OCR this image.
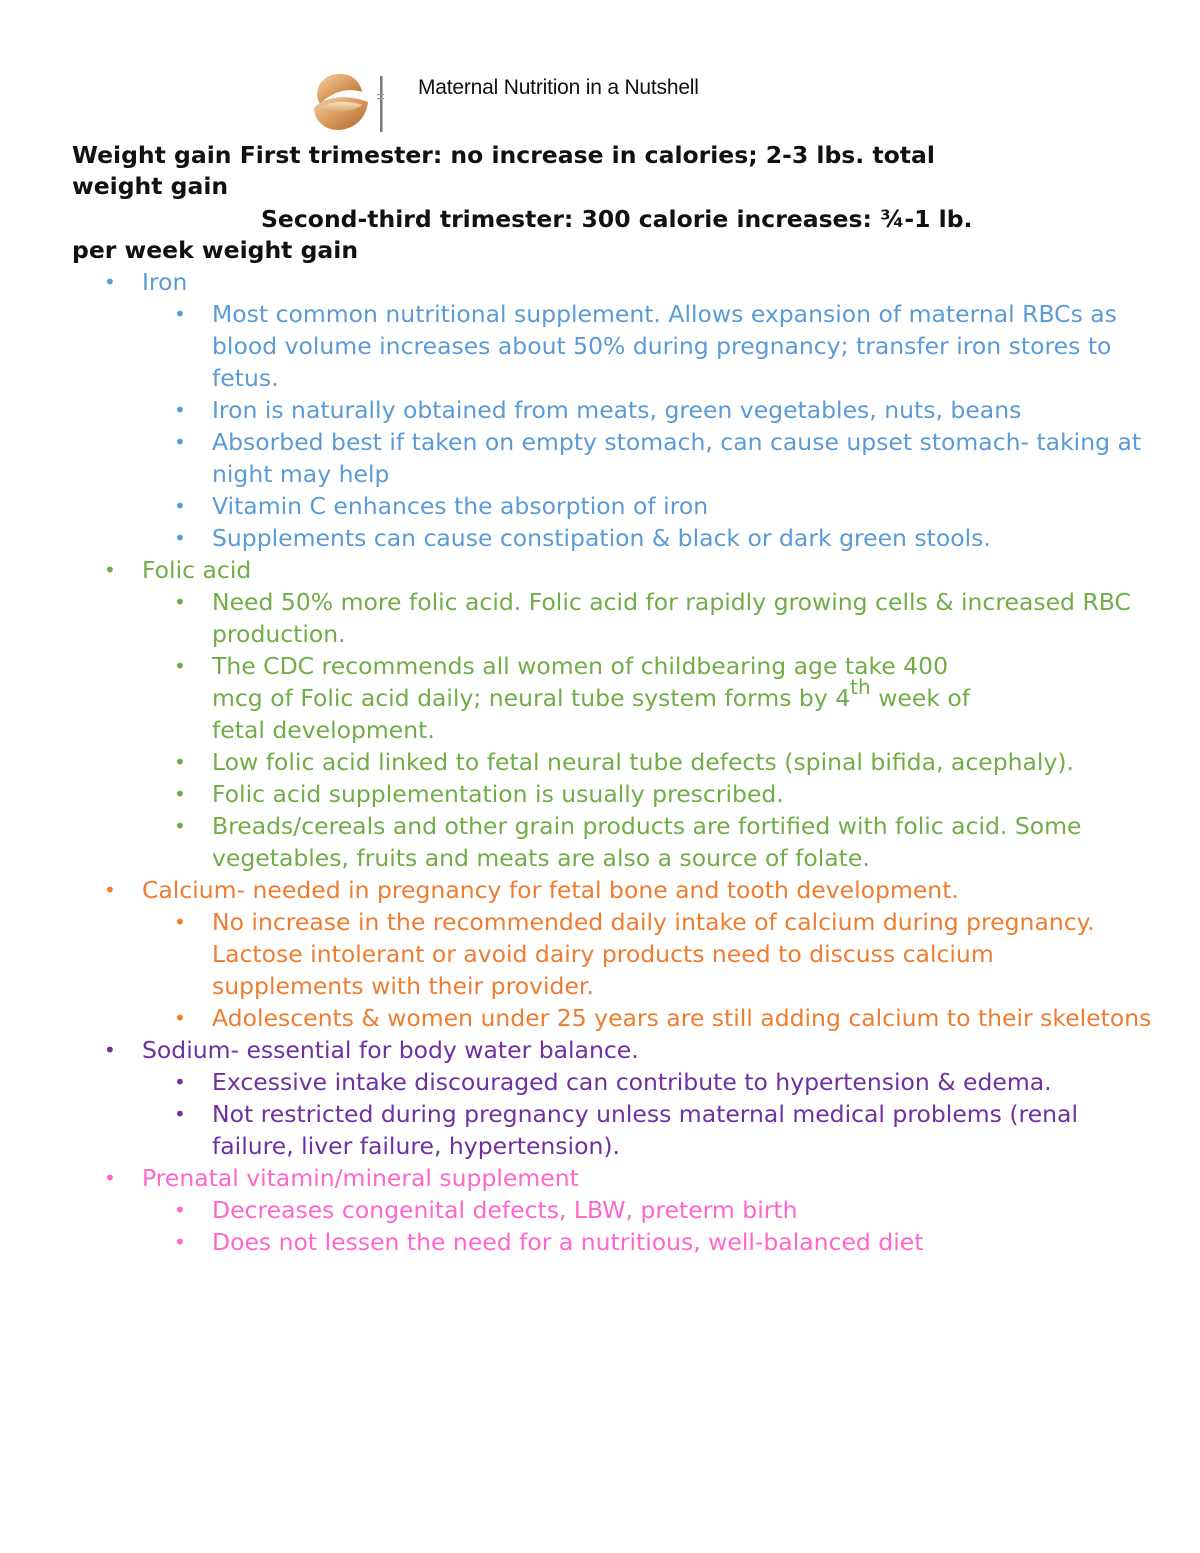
Maternal Nutrition in a Nutshell

Weight gain First trimester: no increase in calories; 2-3 lbs. total

weight gain

Second-third trimester: 300 calorie increases: ¾-1 lb.

per week weight gain

• Iron
• Most common nutritional supplement. Allows expansion of maternal RBCs as blood volume increases about 50% during pregnancy; transfer iron stores to fetus.
• Iron is naturally obtained from meats, green vegetables, nuts, beans
• Absorbed best if taken on empty stomach, can cause upset stomach- taking at night may help
• Vitamin C enhances the absorption of iron
• Supplements can cause constipation & black or dark green stools.
• Folic acid
• Need 50% more folic acid. Folic acid for rapidly growing cells & increased RBC production.
• The CDC recommends all women of childbearing age take 400
mcg of Folic acid daily; neural tube system forms by 4th week of
fetal development.
• Low folic acid linked to fetal neural tube defects (spinal bifida, acephaly).
• Folic acid supplementation is usually prescribed.
• Breads/cereals and other grain products are fortified with folic acid. Some vegetables, fruits and meats are also a source of folate.
• Calcium- needed in pregnancy for fetal bone and tooth development.
• No increase in the recommended daily intake of calcium during pregnancy. Lactose intolerant or avoid dairy products need to discuss calcium supplements with their provider.
• Adolescents & women under 25 years are still adding calcium to their skeletons
• Sodium- essential for body water balance.
• Excessive intake discouraged can contribute to hypertension & edema.
• Not restricted during pregnancy unless maternal medical problems (renal failure, liver failure, hypertension).
• Prenatal vitamin/mineral supplement
• Decreases congenital defects, LBW, preterm birth
• Does not lessen the need for a nutritious, well-balanced diet
